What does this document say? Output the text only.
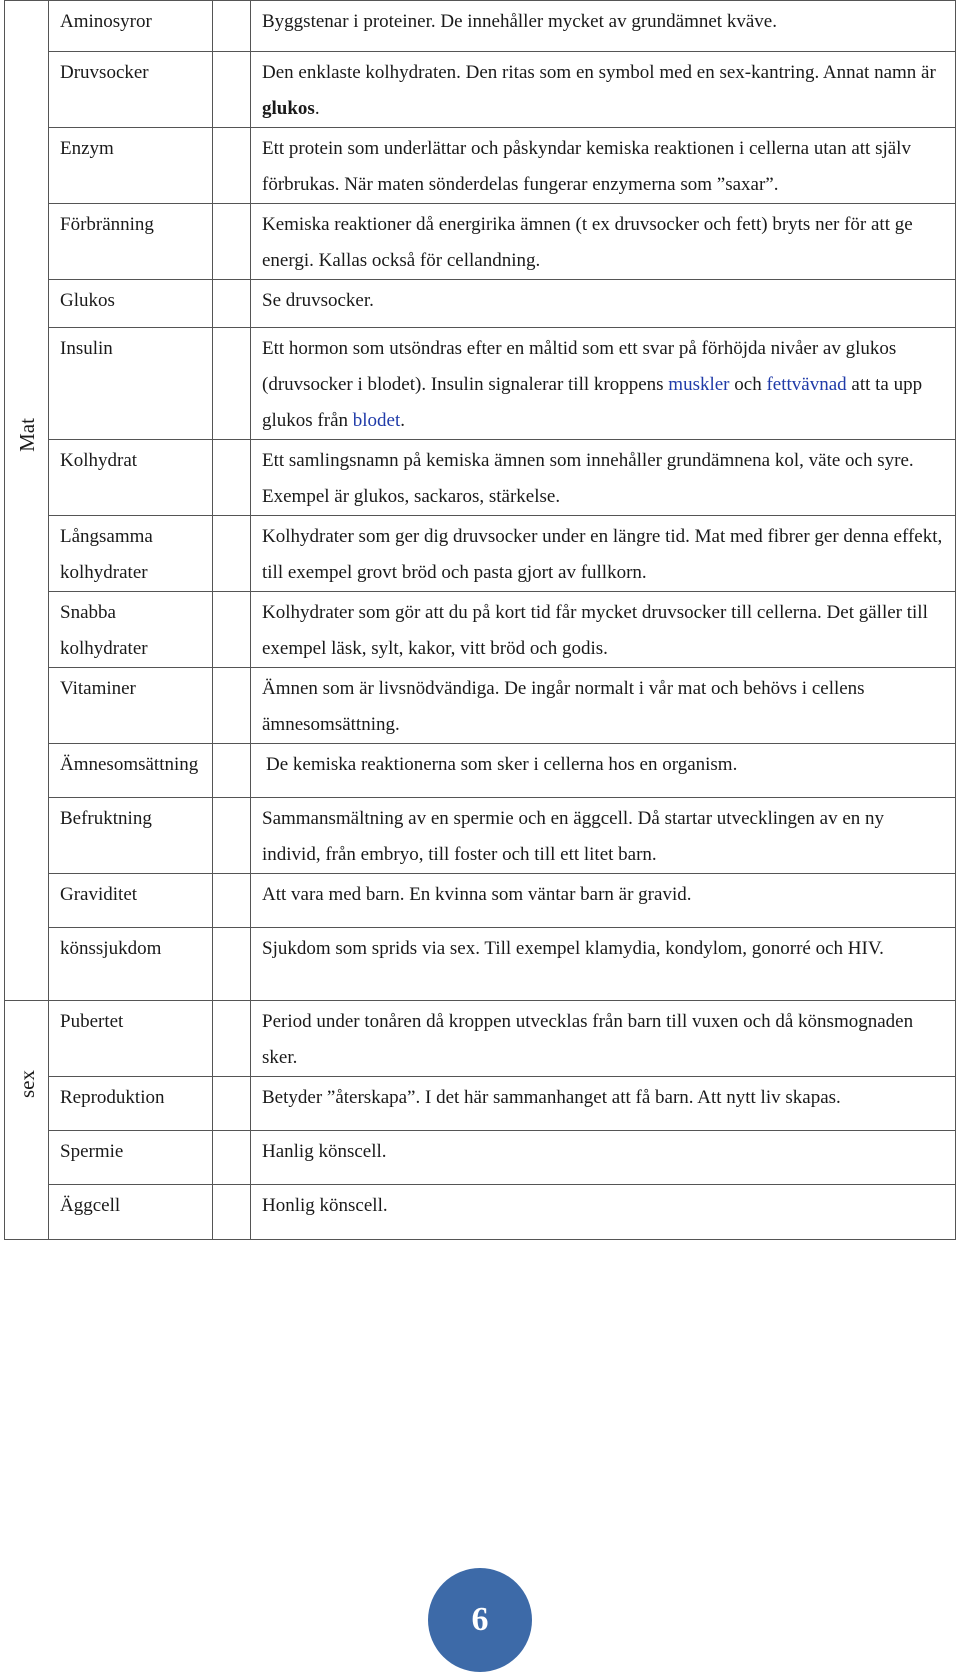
Mat	Aminosyror		Byggstenar i proteiner. De innehåller mycket av grundämnet kväve.
	Druvsocker		Den enklaste kolhydraten. Den ritas som en symbol med en sex-kantring. Annat namn är glukos.
	Enzym		Ett protein som underlättar och påskyndar kemiska reaktionen i cellerna utan att själv förbrukas. När maten sönderdelas fungerar enzymerna som ”saxar”.
	Förbränning		Kemiska reaktioner då energirika ämnen (t ex druvsocker och fett) bryts ner för att ge energi. Kallas också för cellandning.
	Glukos		Se druvsocker.
	Insulin		Ett hormon som utsöndras efter en måltid som ett svar på förhöjda nivåer av glukos (druvsocker i blodet). Insulin signalerar till kroppens muskler och fettvävnad att ta upp glukos från blodet.
	Kolhydrat		Ett samlingsnamn på kemiska ämnen som innehåller grundämnena kol, väte och syre. Exempel är glukos, sackaros, stärkelse.
	Långsamma kolhydrater		Kolhydrater som ger dig druvsocker under en längre tid. Mat med fibrer ger denna effekt, till exempel grovt bröd och pasta gjort av fullkorn.
	Snabba kolhydrater		Kolhydrater som gör att du på kort tid får mycket druvsocker till cellerna. Det gäller till exempel läsk, sylt, kakor, vitt bröd och godis.
	Vitaminer		Ämnen som är livsnödvändiga. De ingår normalt i vår mat och behövs i cellens ämnesomsättning.
	Ämnesomsättning		De kemiska reaktionerna som sker i cellerna hos en organism.
	Befruktning		Sammansmältning av en spermie och en äggcell. Då startar utvecklingen av en ny individ, från embryo, till foster och till ett litet barn.
	Graviditet		Att vara med barn. En kvinna som väntar barn är gravid.
	könssjukdom		Sjukdom som sprids via sex. Till exempel klamydia, kondylom, gonorré och HIV.
sex	Pubertet		Period under tonåren då kroppen utvecklas från barn till vuxen och då könsmognaden sker.
	Reproduktion		Betyder ”återskapa”. I det här sammanhanget att få barn. Att nytt liv skapas.
	Spermie		Hanlig könscell.
	Äggcell		Honlig könscell.
6
